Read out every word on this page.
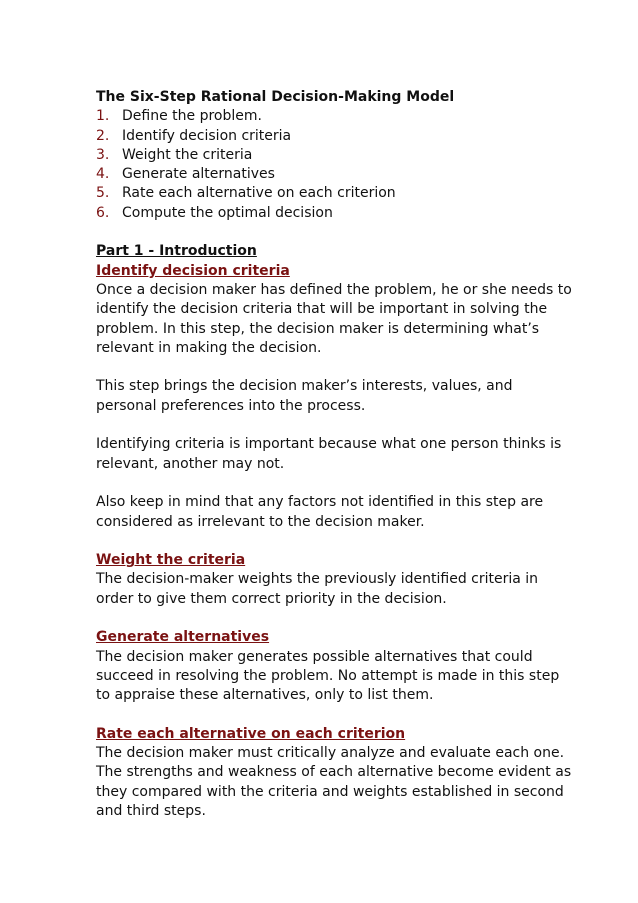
The Six-Step Rational Decision-Making Model

1. Define the problem.
2. Identify decision criteria
3. Weight the criteria
4. Generate alternatives
5. Rate each alternative on each criterion
6. Compute the optimal decision

Part 1 - Introduction

Identify decision criteria

Once a decision maker has defined the problem, he or she needs to identify the decision criteria that will be important in solving the problem. In this step, the decision maker is determining what’s relevant in making the decision.

This step brings the decision maker’s interests, values, and personal preferences into the process.

Identifying criteria is important because what one person thinks is relevant, another may not.

Also keep in mind that any factors not identified in this step are considered as irrelevant to the decision maker.

Weight the criteria

The decision-maker weights the previously identified criteria in order to give them correct priority in the decision.

Generate alternatives

The decision maker generates possible alternatives that could succeed in resolving the problem. No attempt is made in this step to appraise these alternatives, only to list them.

Rate each alternative on each criterion

The decision maker must critically analyze and evaluate each one. The strengths and weakness of each alternative become evident as they compared with the criteria and weights established in second and third steps.
